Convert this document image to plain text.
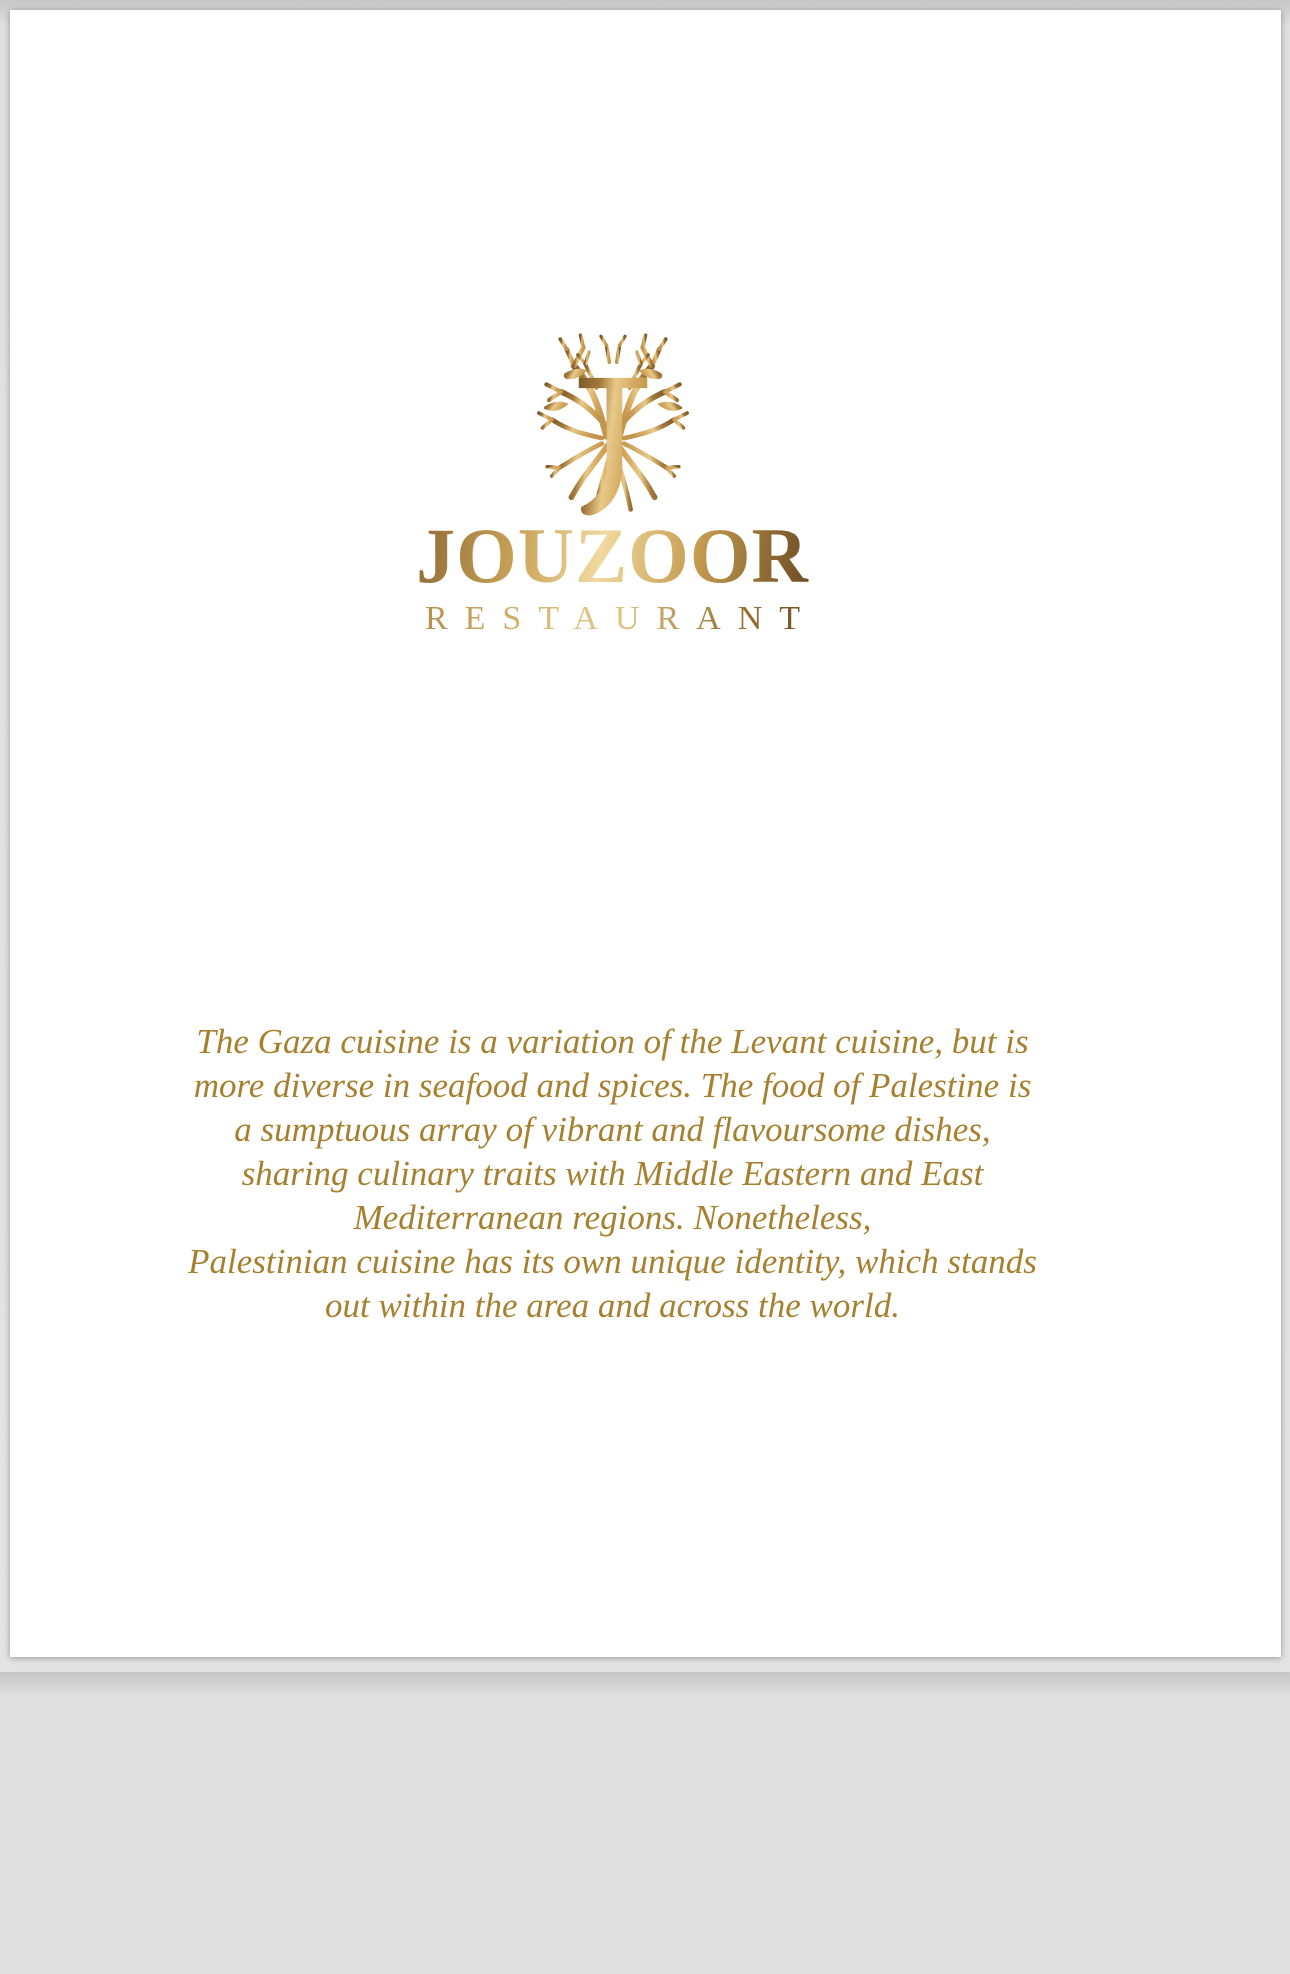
JOUZOOR
RESTAURANT
The Gaza cuisine is a variation of the Levant cuisine, but is
more diverse in seafood and spices. The food of Palestine is
a sumptuous array of vibrant and flavoursome dishes,
sharing culinary traits with Middle Eastern and East
Mediterranean regions. Nonetheless,
Palestinian cuisine has its own unique identity, which stands
out within the area and across the world.
